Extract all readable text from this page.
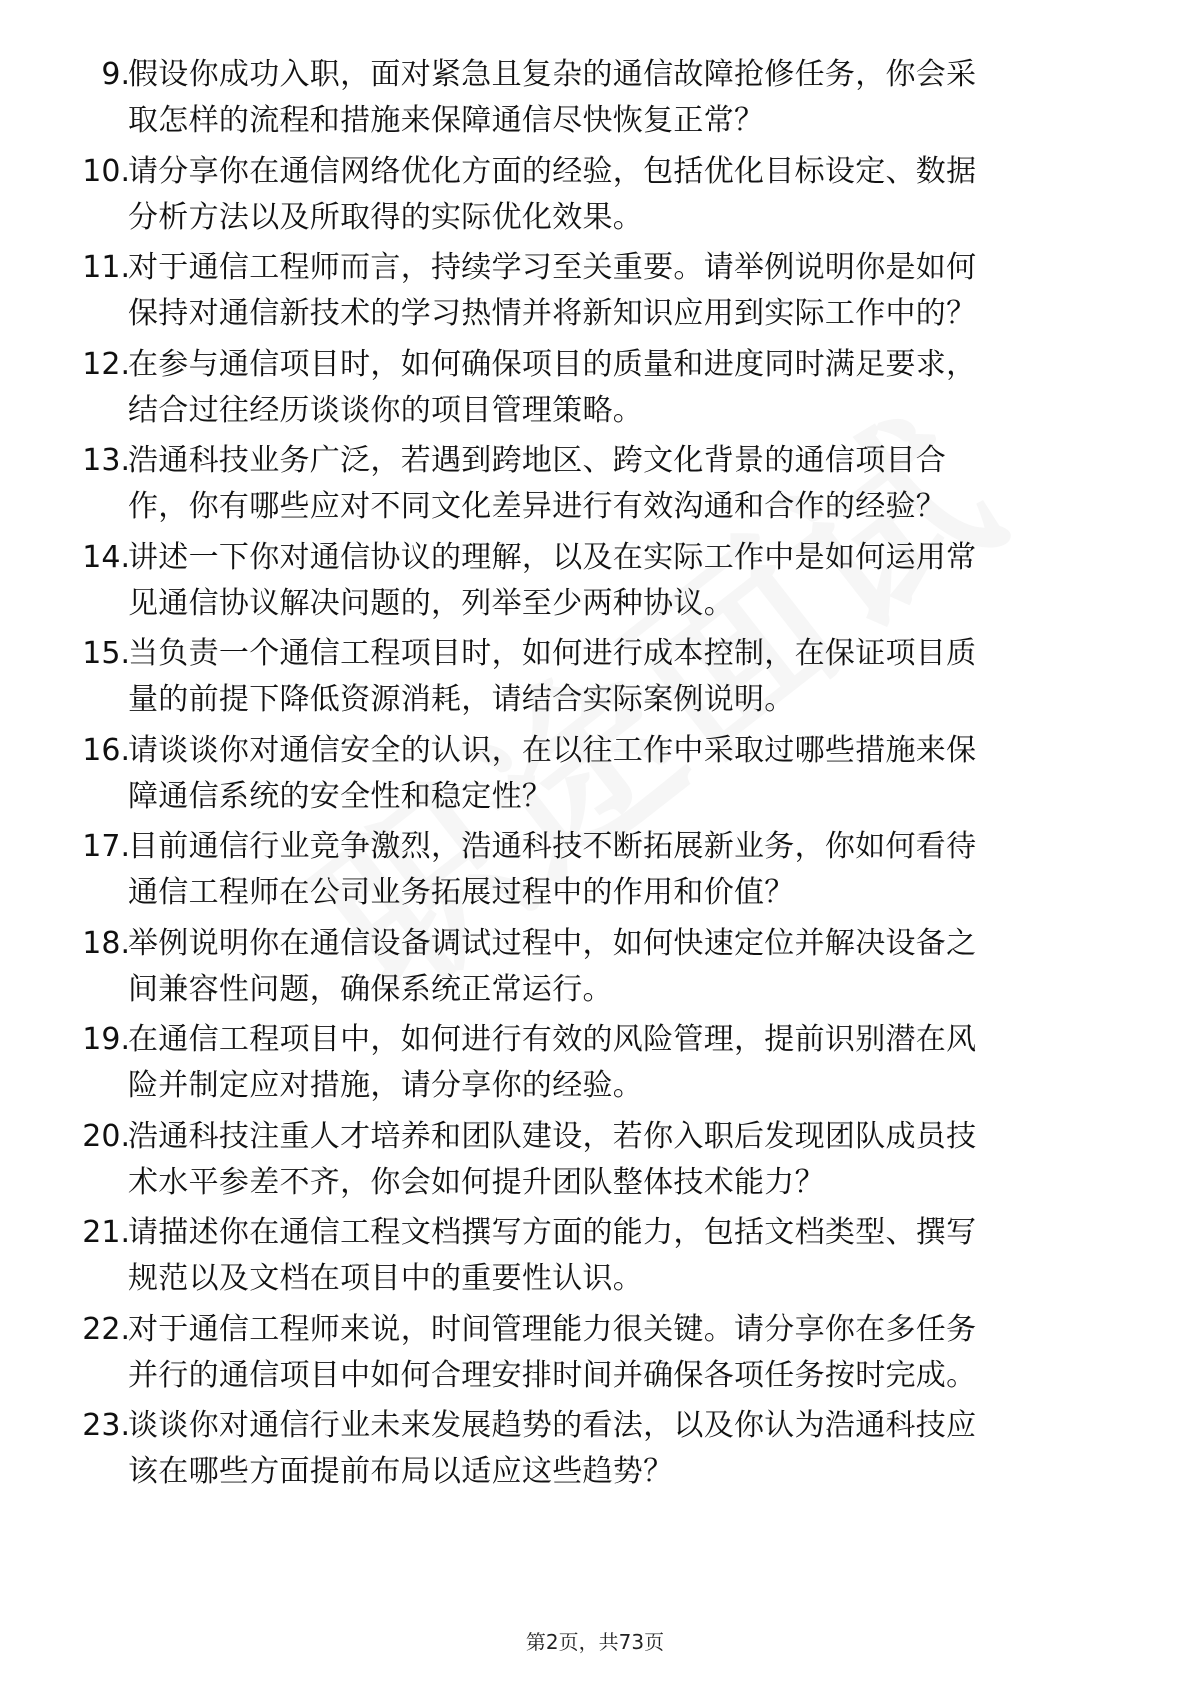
9.
假设你成功入职，面对紧急且复杂的通信故障抢修任务，你会采
取怎样的流程和措施来保障通信尽快恢复正常？
10.
请分享你在通信网络优化方面的经验，包括优化目标设定、数据
分析方法以及所取得的实际优化效果。
11.
对于通信工程师而言，持续学习至关重要。请举例说明你是如何
保持对通信新技术的学习热情并将新知识应用到实际工作中的？
12.
在参与通信项目时，如何确保项目的质量和进度同时满足要求，
结合过往经历谈谈你的项目管理策略。
13.
浩通科技业务广泛，若遇到跨地区、跨文化背景的通信项目合
作，你有哪些应对不同文化差异进行有效沟通和合作的经验？
14.
讲述一下你对通信协议的理解，以及在实际工作中是如何运用常
见通信协议解决问题的，列举至少两种协议。
15.
当负责一个通信工程项目时，如何进行成本控制，在保证项目质
量的前提下降低资源消耗，请结合实际案例说明。
16.
请谈谈你对通信安全的认识，在以往工作中采取过哪些措施来保
障通信系统的安全性和稳定性？
17.
目前通信行业竞争激烈，浩通科技不断拓展新业务，你如何看待
通信工程师在公司业务拓展过程中的作用和价值？
18.
举例说明你在通信设备调试过程中，如何快速定位并解决设备之
间兼容性问题，确保系统正常运行。
19.
在通信工程项目中，如何进行有效的风险管理，提前识别潜在风
险并制定应对措施，请分享你的经验。
20.
浩通科技注重人才培养和团队建设，若你入职后发现团队成员技
术水平参差不齐，你会如何提升团队整体技术能力？
21.
请描述你在通信工程文档撰写方面的能力，包括文档类型、撰写
规范以及文档在项目中的重要性认识。
22.
对于通信工程师来说，时间管理能力很关键。请分享你在多任务
并行的通信项目中如何合理安排时间并确保各项任务按时完成。
23.
谈谈你对通信行业未来发展趋势的看法，以及你认为浩通科技应
该在哪些方面提前布局以适应这些趋势？
第2页，共73页
